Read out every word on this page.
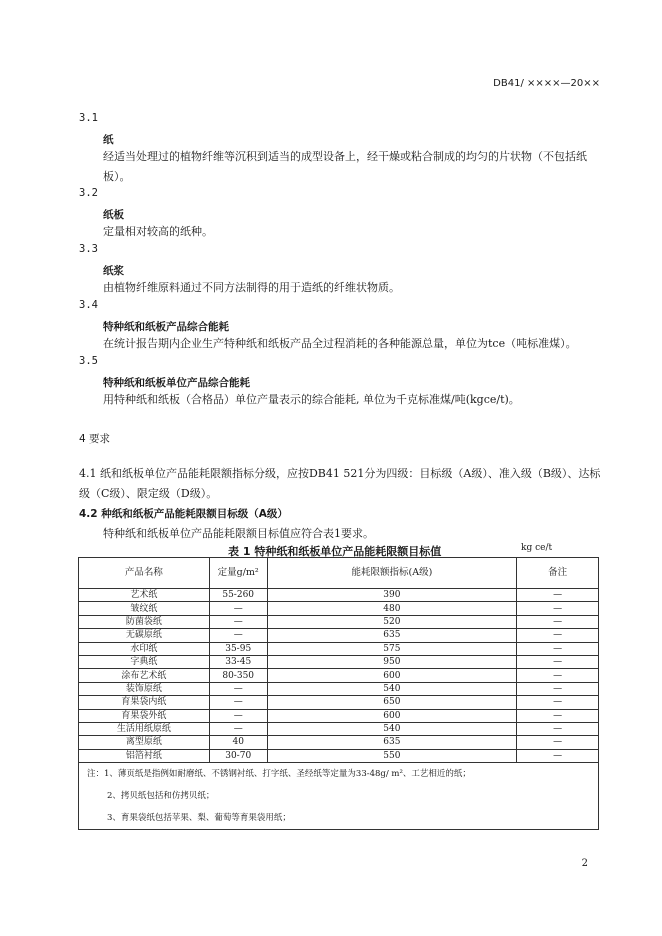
DB41/ ××××—20××
3.1
纸
经适当处理过的植物纤维等沉积到适当的成型设备上，经干燥或粘合制成的均匀的片状物（不包括纸板）。
3.2
纸板
定量相对较高的纸种。
3.3
纸浆
由植物纤维原料通过不同方法制得的用于造纸的纤维状物质。
3.4
特种纸和纸板产品综合能耗
在统计报告期内企业生产特种纸和纸板产品全过程消耗的各种能源总量，单位为tce（吨标准煤）。
3.5
特种纸和纸板单位产品综合能耗
用特种纸和纸板（合格品）单位产量表示的综合能耗, 单位为千克标准煤/吨(kgce/t)。
4 要求
4.1 纸和纸板单位产品能耗限额指标分级，应按DB41 521分为四级：目标级（A级）、准入级（B级）、达标级（C级）、限定级（D级）。
4.2 种纸和纸板产品能耗限额目标级（A级）
特种纸和纸板单位产品能耗限额目标值应符合表1要求。
表 1 特种纸和纸板单位产品能耗限额目标值	kg ce/t
产品名称	定量g/m²	能耗限额指标(A级)	备注
艺术纸	55-260	390	—
皱纹纸	—	480	—
防菌袋纸	—	520	—
无碳原纸	—	635	—
水印纸	35-95	575	—
字典纸	33-45	950	—
涂布艺术纸	80-350	600	—
装饰原纸	—	540	—
育果袋内纸	—	650	—
育果袋外纸	—	600	—
生活用纸原纸	—	540	—
离型原纸	40	635	—
铝箔衬纸	30-70	550	—
注：1、薄页纸是指例如耐磨纸、不锈钢衬纸、打字纸、圣经纸等定量为33-48g/ m²、工艺相近的纸；			
2、拷贝纸包括和仿拷贝纸；			
3、育果袋纸包括苹果、梨、葡萄等育果袋用纸；			
2
